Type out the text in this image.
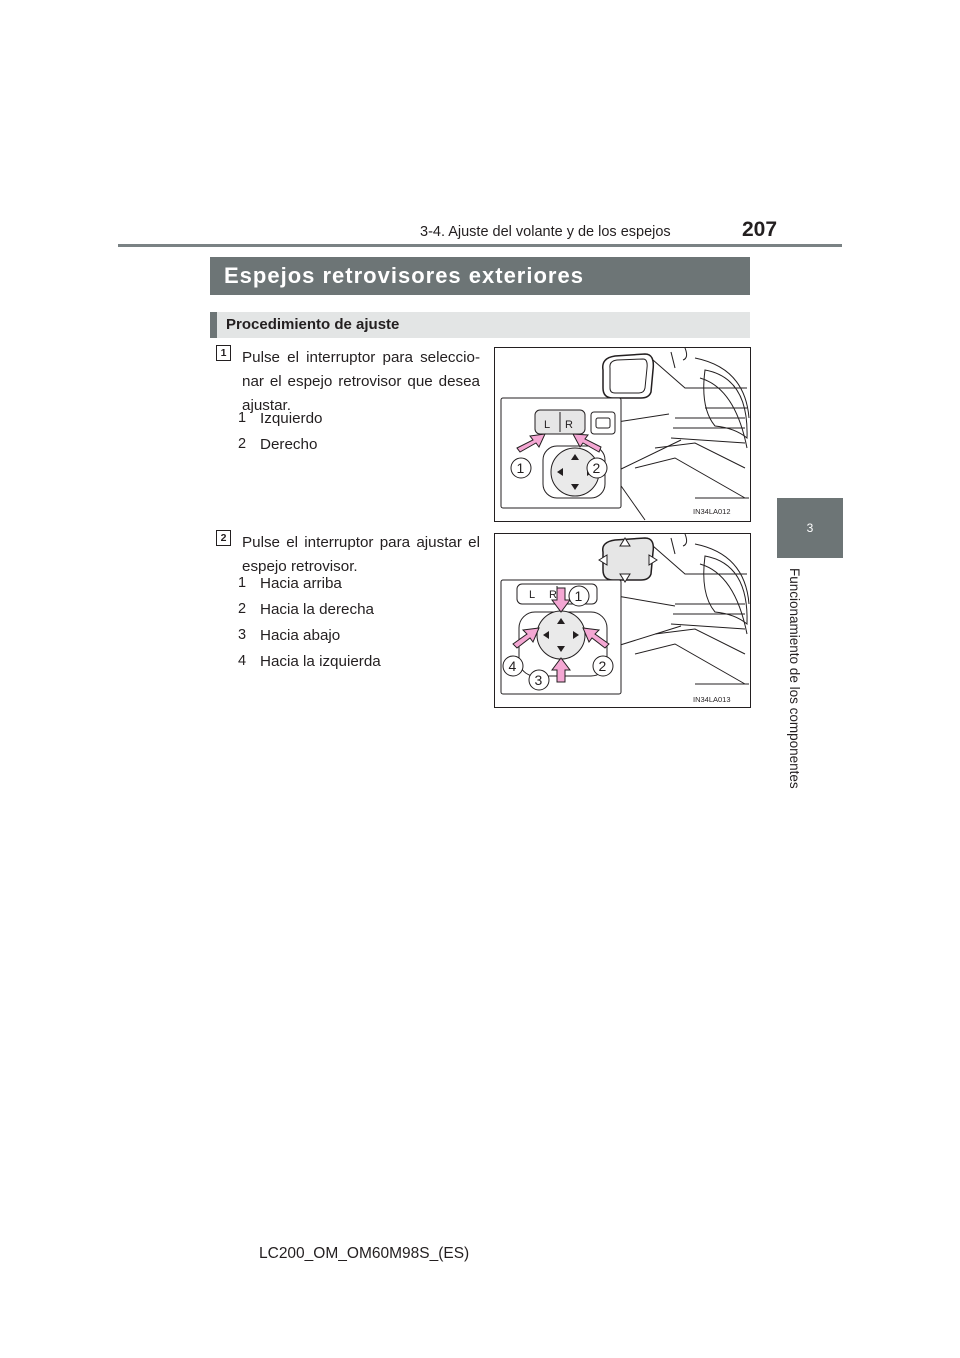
3-4. Ajuste del volante y de los espejos	207
3
Funcionamiento de los componentes
Espejos retrovisores exteriores
Procedimiento de ajuste
1	Pulse el interruptor para seleccio-nar el espejo retrovisor que desea ajustar.
1 Izquierdo
2 Derecho
L R
1	2
IN34LA012
2	Pulse el interruptor para ajustar el espejo retrovisor.
1 Hacia arriba
2 Hacia la derecha
3 Hacia abajo
4 Hacia la izquierda
L R 1
2
3
4
IN34LA013
LC200_OM_OM60M98S_(ES)
